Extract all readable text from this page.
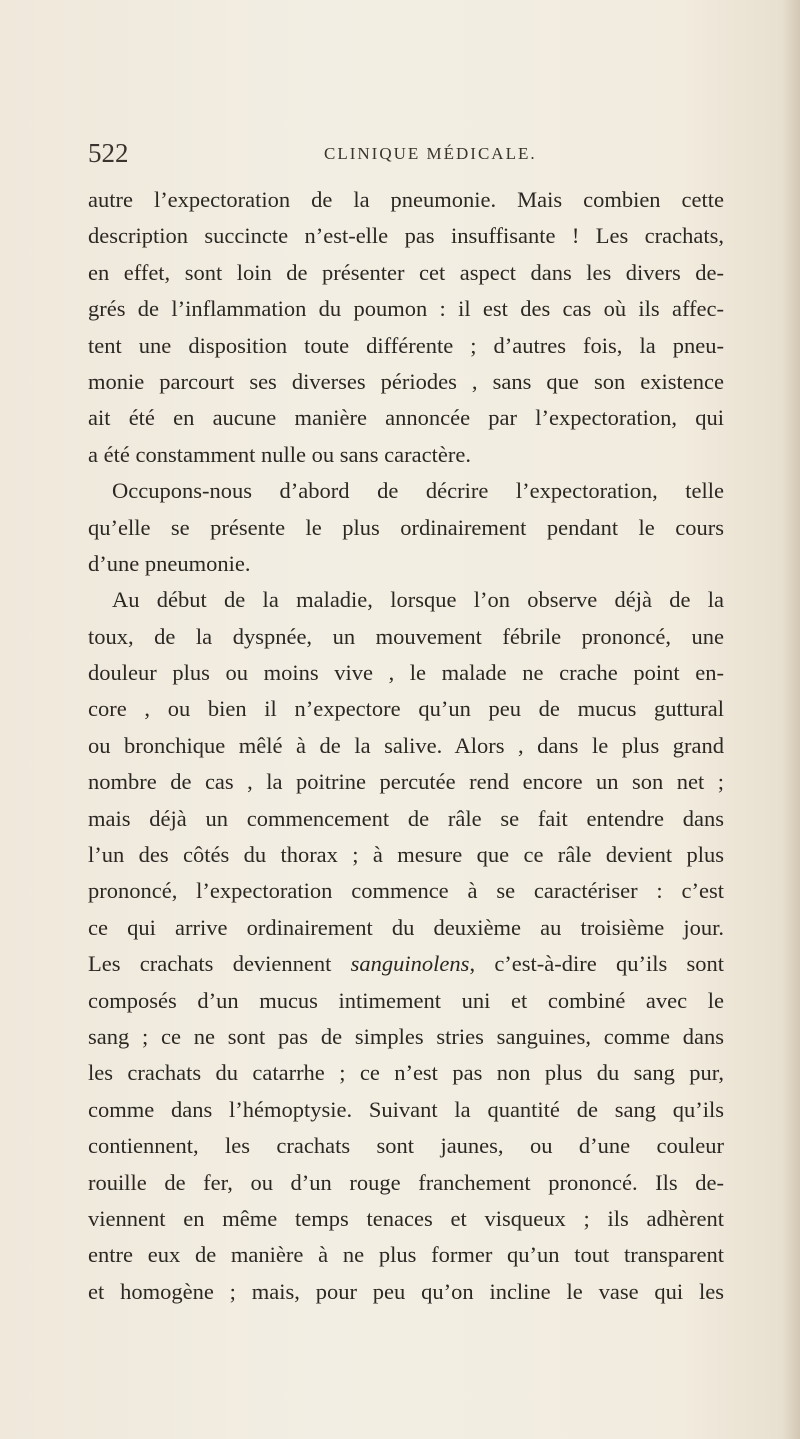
522	CLINIQUE MÉDICALE.
autre l’expectoration de la pneumonie. Mais combien cette
description succincte n’est-elle pas insuffisante ! Les crachats,
en effet, sont loin de présenter cet aspect dans les divers de-
grés de l’inflammation du poumon : il est des cas où ils affec-
tent une disposition toute différente ; d’autres fois, la pneu-
monie parcourt ses diverses périodes , sans que son existence
ait été en aucune manière annoncée par l’expectoration, qui
a été constamment nulle ou sans caractère.
Occupons-nous d’abord de décrire l’expectoration, telle
qu’elle se présente le plus ordinairement pendant le cours
d’une pneumonie.
Au début de la maladie, lorsque l’on observe déjà de la
toux, de la dyspnée, un mouvement fébrile prononcé, une
douleur plus ou moins vive , le malade ne crache point en-
core , ou bien il n’expectore qu’un peu de mucus guttural
ou bronchique mêlé à de la salive. Alors , dans le plus grand
nombre de cas , la poitrine percutée rend encore un son net ;
mais déjà un commencement de râle se fait entendre dans
l’un des côtés du thorax ; à mesure que ce râle devient plus
prononcé, l’expectoration commence à se caractériser : c’est
ce qui arrive ordinairement du deuxième au troisième jour.
Les crachats deviennent sanguinolens, c’est-à-dire qu’ils sont
composés d’un mucus intimement uni et combiné avec le
sang ; ce ne sont pas de simples stries sanguines, comme dans
les crachats du catarrhe ; ce n’est pas non plus du sang pur,
comme dans l’hémoptysie. Suivant la quantité de sang qu’ils
contiennent, les crachats sont jaunes, ou d’une couleur
rouille de fer, ou d’un rouge franchement prononcé. Ils de-
viennent en même temps tenaces et visqueux ; ils adhèrent
entre eux de manière à ne plus former qu’un tout transparent
et homogène ; mais, pour peu qu’on incline le vase qui les
